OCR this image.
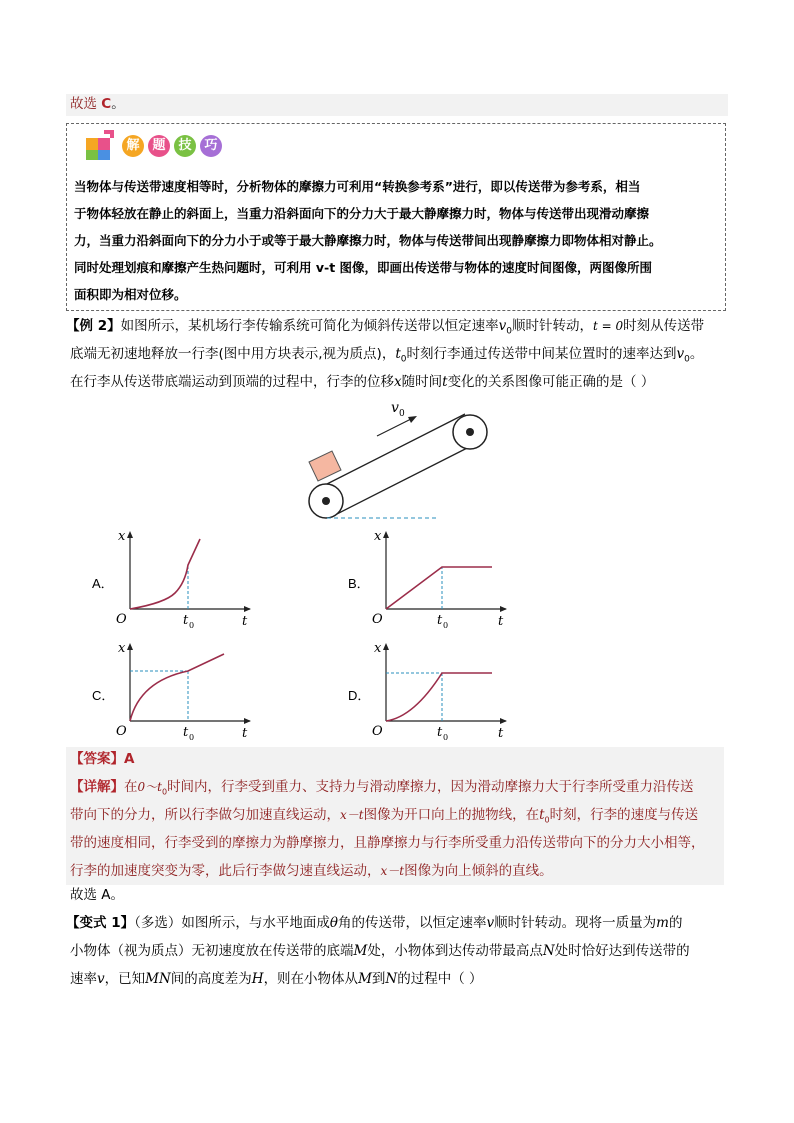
故选 C。
解 题 技 巧
当物体与传送带速度相等时，分析物体的摩擦力可利用“转换参考系”进行，即以传送带为参考系，相当
于物体轻放在静止的斜面上，当重力沿斜面向下的分力大于最大静摩擦力时，物体与传送带出现滑动摩擦
力，当重力沿斜面向下的分力小于或等于最大静摩擦力时，物体与传送带间出现静摩擦力即物体相对静止。
同时处理划痕和摩擦产生热问题时，可利用 v-t 图像，即画出传送带与物体的速度时间图像，两图像所围
面积即为相对位移。
【例 2】如图所示，某机场行李传输系统可简化为倾斜传送带以恒定速率$v_0$顺时针转动，t = 0时刻从传送带
底端无初速地释放一行李(图中用方块表示,视为质点)，$t_0$时刻行李通过传送带中间某位置时的速率达到$v_0$。
在行李从传送带底端运动到顶端的过程中，行李的位移x随时间t变化的关系图像可能正确的是（ ）
v 0
A．	B．
C．	D．
x
t
O	t 0
x
t
O	t 0
x
t
O	t 0
x
t
O	t 0
【答案】A
【详解】在$0\sim t_0$时间内，行李受到重力、支持力与滑动摩擦力，因为滑动摩擦力大于行李所受重力沿传送
带向下的分力，所以行李做匀加速直线运动，x－t图像为开口向上的抛物线，在$t_0$时刻，行李的速度与传送
带的速度相同，行李受到的摩擦力为静摩擦力，且静摩擦力与行李所受重力沿传送带向下的分力大小相等，
行李的加速度突变为零，此后行李做匀速直线运动，x－t图像为向上倾斜的直线。
故选 A。
【变式 1】（多选）如图所示，与水平地面成θ角的传送带，以恒定速率v顺时针转动。现将一质量为m的
小物体（视为质点）无初速度放在传送带的底端M处，小物体到达传动带最高点N处时恰好达到传送带的
速率v，已知MN间的高度差为H，则在小物体从M到N的过程中（ ）
